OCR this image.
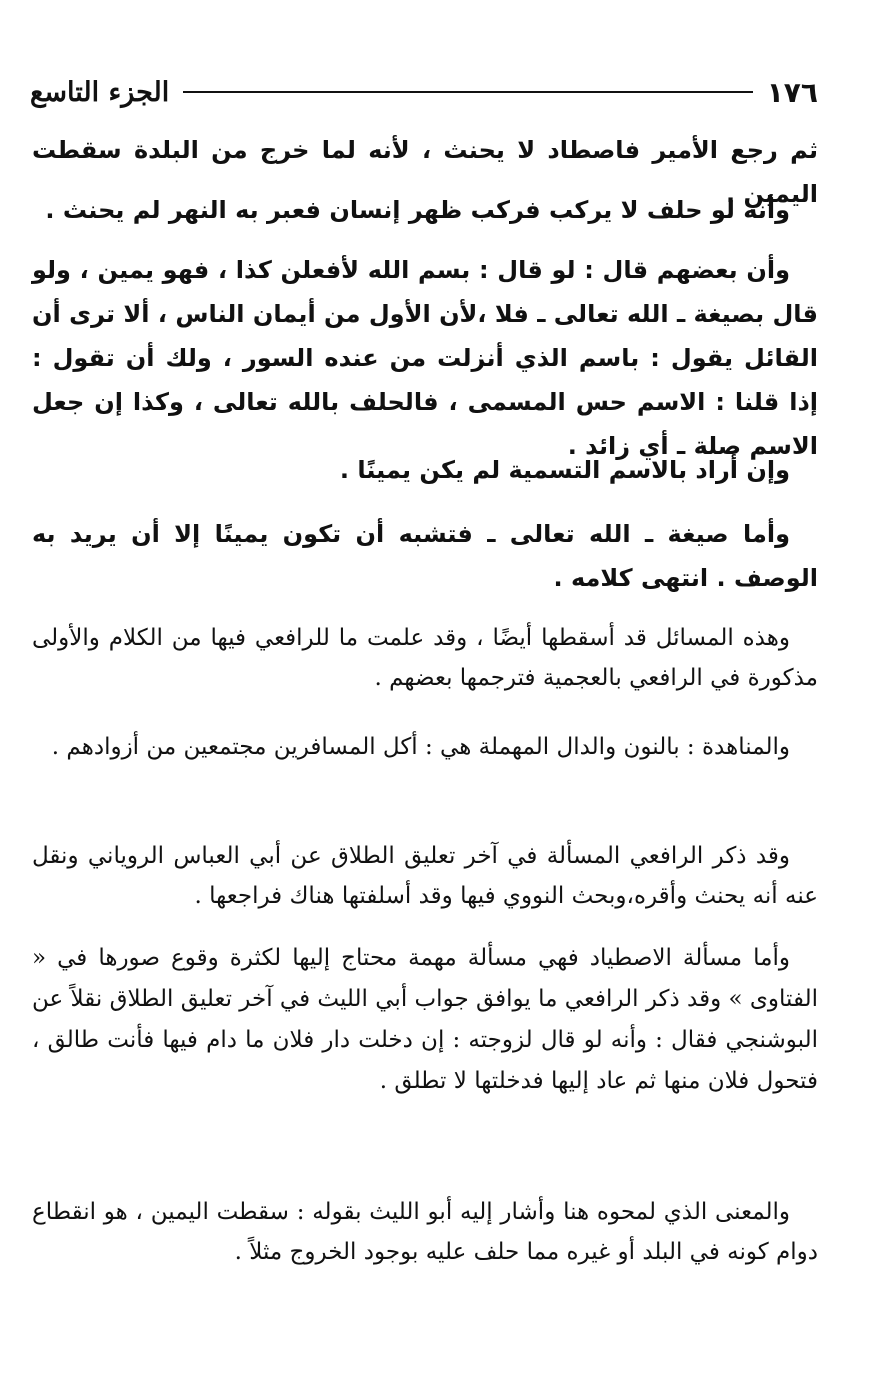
١٧٦
الجزء التاسع

ثم رجع الأمير فاصطاد لا يحنث ، لأنه لما خرج من البلدة سقطت اليمين .

وأنه لو حلف لا يركب فركب ظهر إنسان فعبر به النهر لم يحنث .

وأن بعضهم قال : لو قال : بسم الله لأفعلن كذا ، فهو يمين ، ولو قال بصيغة ـ الله تعالى ـ فلا ،لأن الأول من أيمان الناس ، ألا ترى أن القائل يقول : باسم الذي أنزلت من عنده السور ، ولك أن تقول : إذا قلنا : الاسم حس المسمى ، فالحلف بالله تعالى ، وكذا إن جعل الاسم صلة ـ أي زائد .

وإن أراد بالاسم التسمية لم يكن يمينًا .

وأما صيغة ـ الله تعالى ـ فتشبه أن تكون يمينًا إلا أن يريد به الوصف . انتهى كلامه .

وهذه المسائل قد أسقطها أيضًا ، وقد علمت ما للرافعي فيها من الكلام والأولى مذكورة في الرافعي بالعجمية فترجمها بعضهم .

والمناهدة : بالنون والدال المهملة هي : أكل المسافرين مجتمعين من أزوادهم .

وقد ذكر الرافعي المسألة في آخر تعليق الطلاق عن أبي العباس الروياني ونقل عنه أنه يحنث وأقره،وبحث النووي فيها وقد أسلفتها هناك فراجعها .

وأما مسألة الاصطياد فهي مسألة مهمة محتاج إليها لكثرة وقوع صورها في « الفتاوى » وقد ذكر الرافعي ما يوافق جواب أبي الليث في آخر تعليق الطلاق نقلاً عن البوشنجي فقال : وأنه لو قال لزوجته : إن دخلت دار فلان ما دام فيها فأنت طالق ، فتحول فلان منها ثم عاد إليها فدخلتها لا تطلق .

والمعنى الذي لمحوه هنا وأشار إليه أبو الليث بقوله : سقطت اليمين ، هو انقطاع دوام كونه في البلد أو غيره مما حلف عليه بوجود الخروج مثلاً .
